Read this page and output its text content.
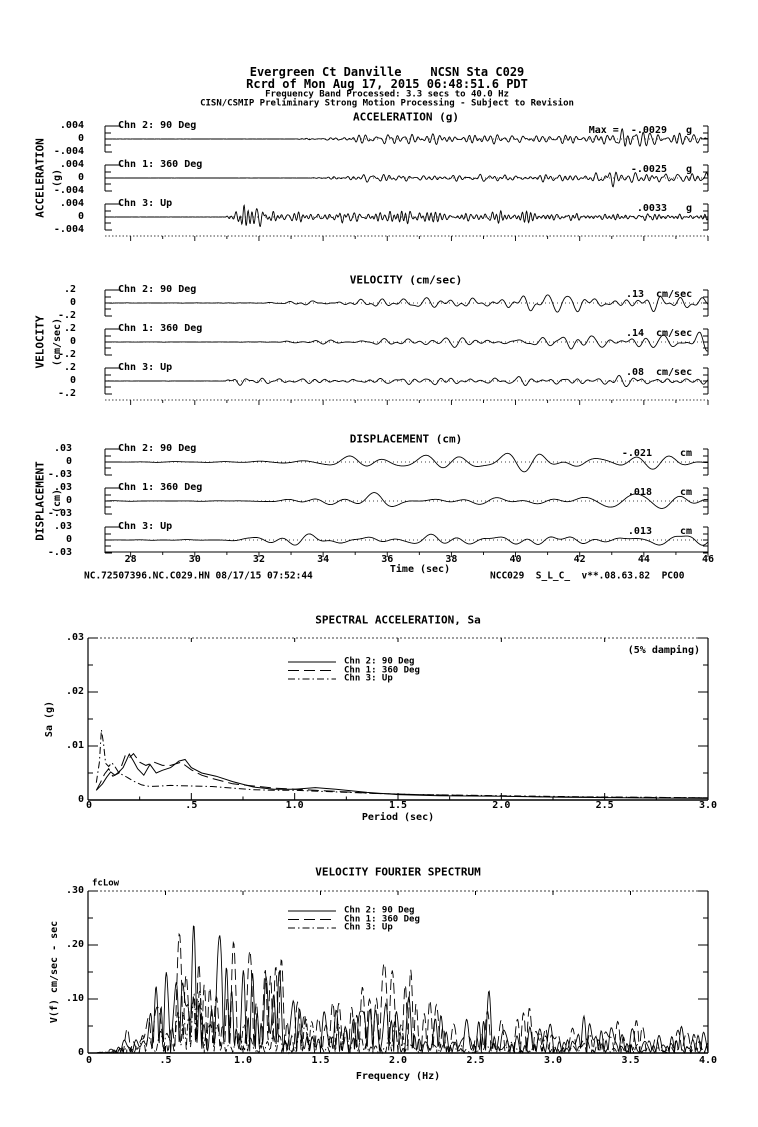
Evergreen Ct Danville    NCSN Sta C029
Rcrd of Mon Aug 17, 2015 06:48:51.6 PDT
Frequency Band Processed: 3.3 secs to 40.0 Hz
CISN/CSMIP Preliminary Strong Motion Processing - Subject to Revision
ACCELERATION (g)
VELOCITY (cm/sec)
DISPLACEMENT (cm)
ACCELERATION (g)
VELOCITY (cm/sec)
DISPLACEMENT (cm)
Time (sec)
NC.72507396.NC.C029.HN 08/17/15 07:52:44	NCC029  S_L_C_  v**.08.63.82  PC00
SPECTRAL ACCELERATION, Sa
(5% damping)
Period (sec)
Sa (g)
VELOCITY FOURIER SPECTRUM
fcLow
Frequency (Hz)
V(f) cm/sec - sec
.004
0
-.004
Chn 2: 90 Deg	Max =  -.0029 g
.004
0
-.004
Chn 1: 360 Deg	-.0025 g
.004
0
-.004
Chn 3: Up	.0033 g
.2
0
-.2
Chn 2: 90 Deg	.13 cm/sec
.2
0
-.2
Chn 1: 360 Deg	.14 cm/sec
.2
0
-.2
Chn 3: Up	.08 cm/sec
.03
0
-.03
Chn 2: 90 Deg	-.021	cm
.03
0
-.03
Chn 1: 360 Deg	.018	cm
.03
0
-.03
Chn 3: Up	.013	cm
28	30	32	34	36	38	40	42	44	46
.03
.02
.01
0
0	.5	1.0	1.5	2.0	2.5	3.0
Chn 2: 90 Deg
Chn 1: 360 Deg
Chn 3: Up
.30
.20
.10
0
0	.5	1.0	1.5	2.0	2.5	3.0	3.5	4.0
Chn 2: 90 Deg
Chn 1: 360 Deg
Chn 3: Up
